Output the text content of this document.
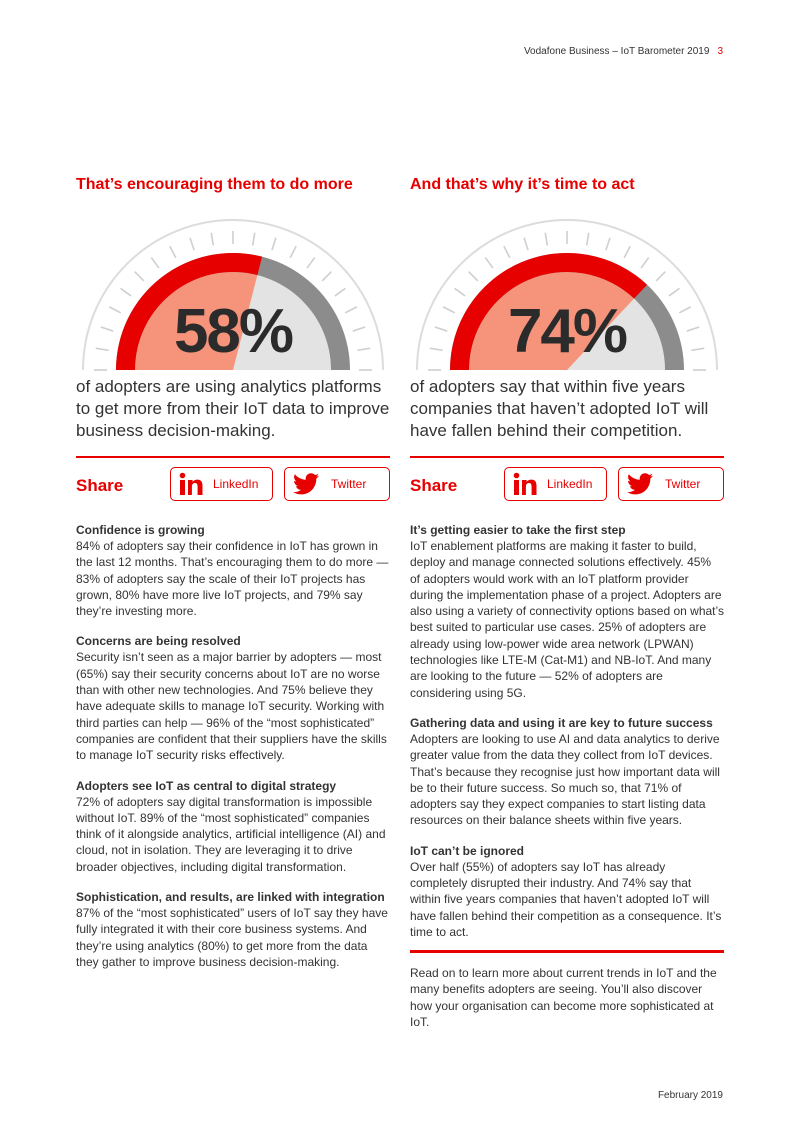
Vodafone Business – IoT Barometer 2019 3
That’s encouraging them to do more
58%
of adopters are using analytics platforms to get more from their IoT data to improve business decision-making.
Share	LinkedIn	Twitter
Confidence is growing

84% of adopters say their confidence in IoT has grown in the last 12 months. That’s encouraging them to do more — 83% of adopters say the scale of their IoT projects has grown, 80% have more live IoT projects, and 79% say they’re investing more.

Concerns are being resolved

Security isn’t seen as a major barrier by adopters — most (65%) say their security concerns about IoT are no worse than with other new technologies. And 75% believe they have adequate skills to manage IoT security. Working with third parties can help — 96% of the “most sophisticated” companies are confident that their suppliers have the skills to manage IoT security risks effectively.

Adopters see IoT as central to digital strategy

72% of adopters say digital transformation is impossible without IoT. 89% of the “most sophisticated” companies think of it alongside analytics, artificial intelligence (AI) and cloud, not in isolation. They are leveraging it to drive broader objectives, including digital transformation.

Sophistication, and results, are linked with integration

87% of the “most sophisticated” users of IoT say they have fully integrated it with their core business systems. And they’re using analytics (80%) to get more from the data they gather to improve business decision-making.

And that’s why it’s time to act
74%
of adopters say that within five years companies that haven’t adopted IoT will have fallen behind their competition.
Share	LinkedIn	Twitter
It’s getting easier to take the first step

IoT enablement platforms are making it faster to build, deploy and manage connected solutions effectively. 45% of adopters would work with an IoT platform provider during the implementation phase of a project. Adopters are also using a variety of connectivity options based on what’s best suited to particular use cases. 25% of adopters are already using low-power wide area network (LPWAN) technologies like LTE-M (Cat-M1) and NB-IoT. And many are looking to the future — 52% of adopters are considering using 5G.

Gathering data and using it are key to future success

Adopters are looking to use AI and data analytics to derive greater value from the data they collect from IoT devices. That’s because they recognise just how important data will be to their future success. So much so, that 71% of adopters say they expect companies to start listing data resources on their balance sheets within five years.

IoT can’t be ignored

Over half (55%) of adopters say IoT has already completely disrupted their industry. And 74% say that within five years companies that haven’t adopted IoT will have fallen behind their competition as a consequence. It’s time to act.

Read on to learn more about current trends in IoT and the many benefits adopters are seeing. You’ll also discover how your organisation can become more sophisticated at IoT.
February 2019
